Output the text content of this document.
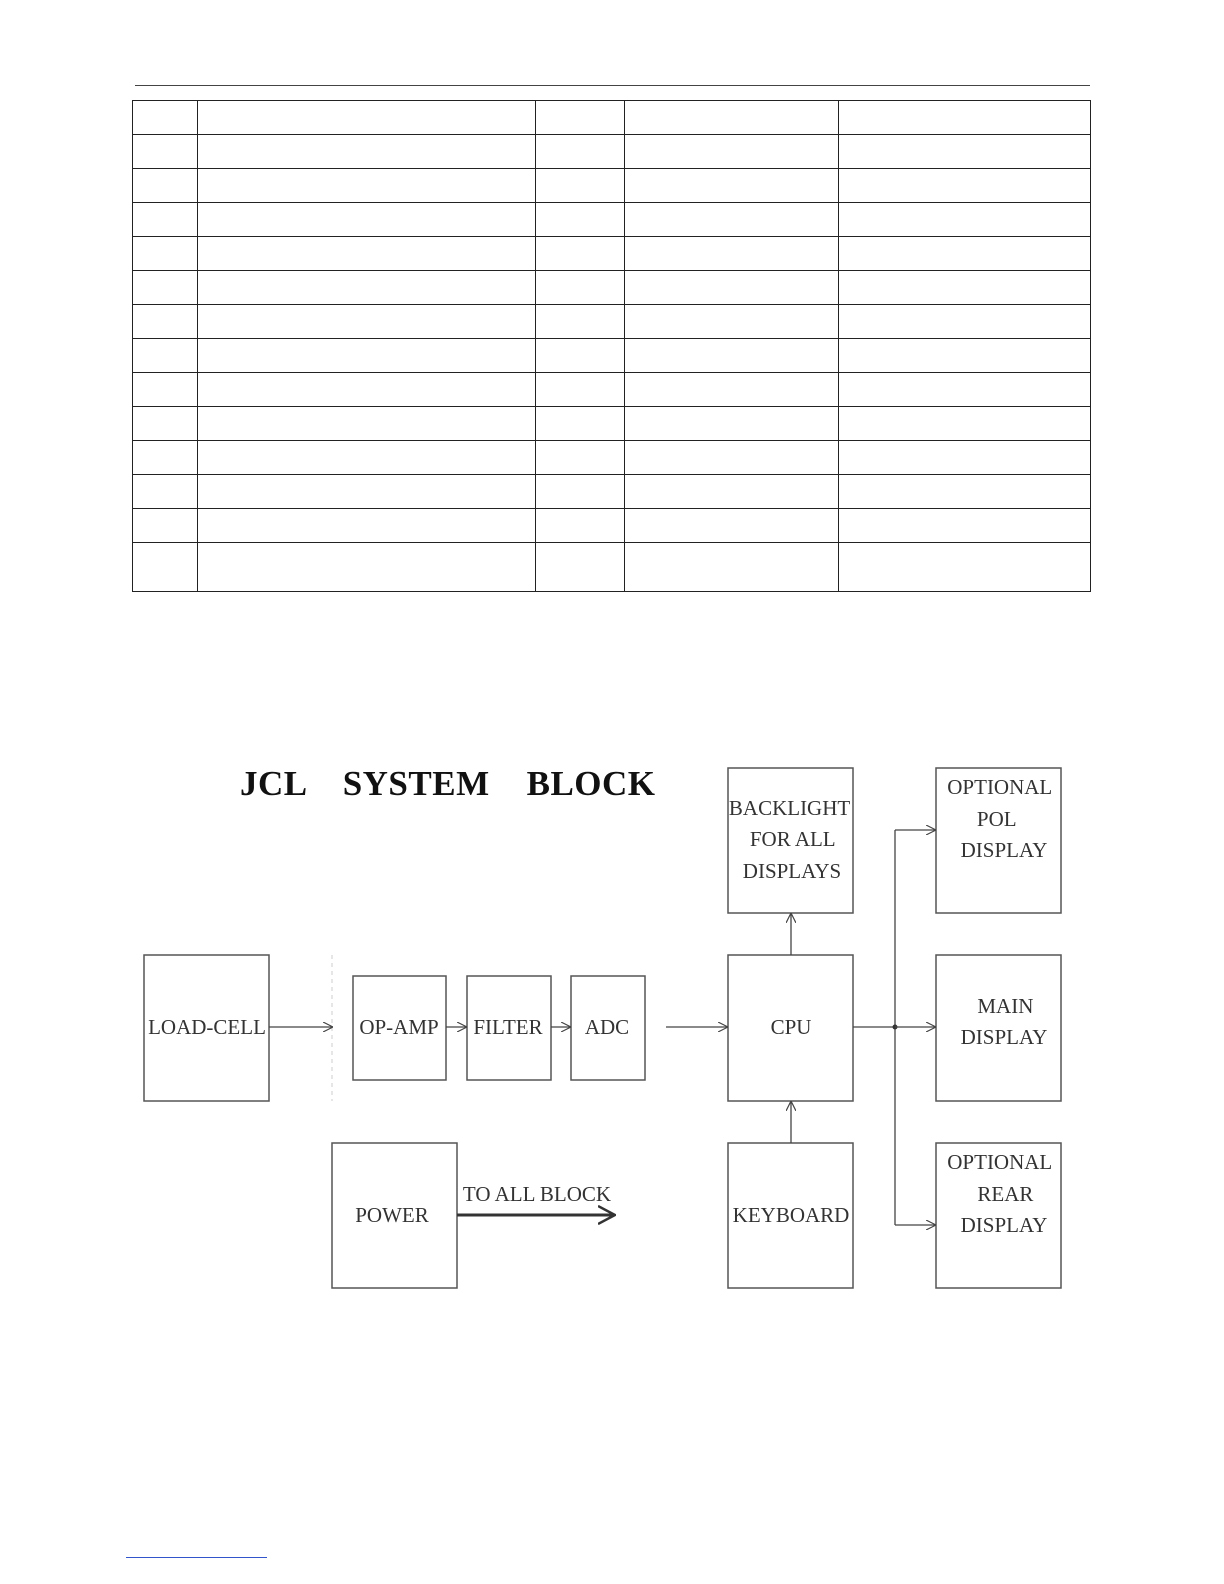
JCL    SYSTEM    BLOCK
LOAD-CELL	OP-AMP FILTER ADC	CPU
BACKLIGHT FOR ALL DISPLAYS
OPTIONAL POL DISPLAY
MAIN DISPLAY
OPTIONAL REAR DISPLAY
KEYBOARD
POWER
TO ALL BLOCK
